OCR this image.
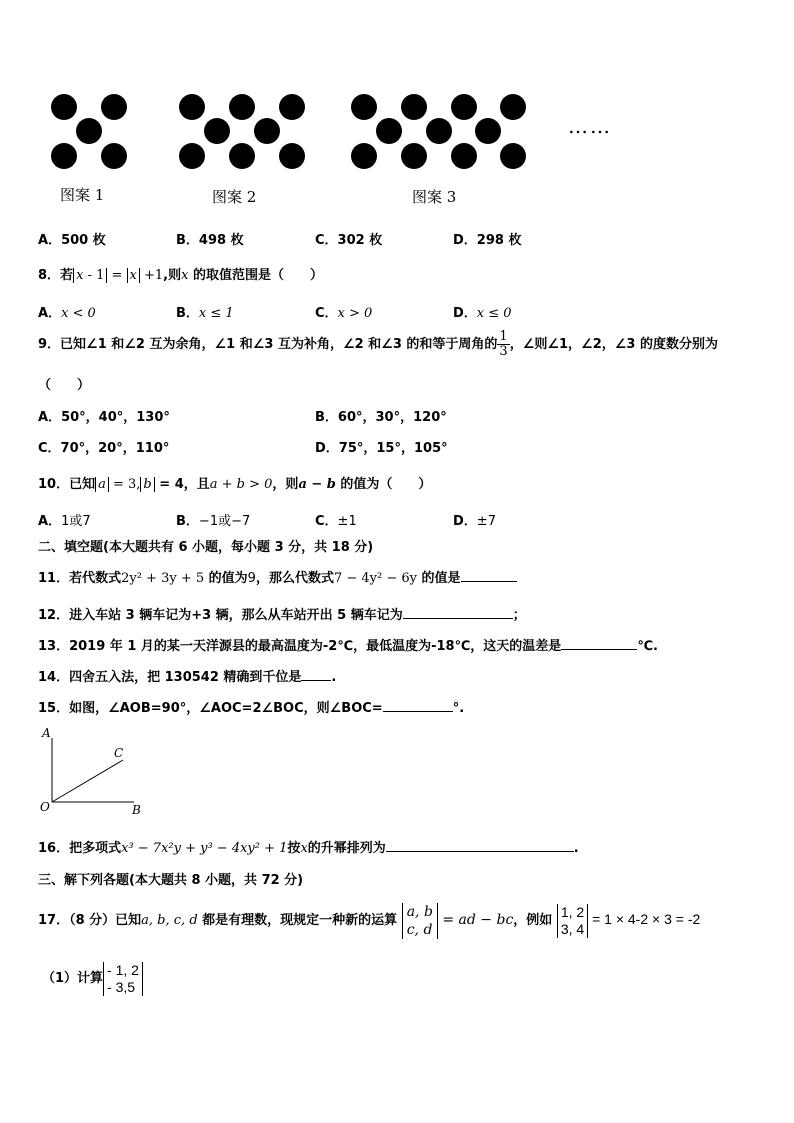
……
图案 1	图案 2	图案 3
A．500 枚	B．498 枚	C．302 枚	D．298 枚
8．若 x - 1 = x +1,则x 的取值范围是（　　）
A．x < 0	B．x ≤ 1	C．x > 0	D．x ≤ 0
9．已知∠1 和∠2 互为余角，∠1 和∠3 互为补角，∠2 和∠3 的和等于周角的 $\frac{1}{3}$ ，∠则∠1，∠2，∠3 的度数分别为
（　　）
A．50°，40°，130°	B．60°，30°，120°
C．70°，20°，110°	D．75°，15°，105°
10．已知 a = 3, b = 4，且a + b > 0，则a − b 的值为（　　）
A．1或7	B．−1或−7	C．±1	D．±7
二、填空题(本大题共有 6 小题，每小题 3 分，共 18 分)
11．若代数式2y² + 3y + 5 的值为9，那么代数式7 − 4y² − 6y 的值是
12．进入车站 3 辆车记为+3 辆，那么从车站开出 5 辆车记为	；
13．2019 年 1 月的某一天洋源县的最高温度为-2℃，最低温度为-18℃，这天的温差是	℃.
14．四舍五入法，把 130542 精确到千位是 .
15．如图，∠AOB=90°，∠AOC=2∠BOC，则∠BOC=	°.
A
C
O	B
16．把多项式x³ − 7x²y + y³ − 4xy² + 1按x的升幂排列为	.
三、解下列各题(本大题共 8 小题，共 72 分)
17．（8 分）已知a, b, c, d 都是有理数，现规定一种新的运算
a, b
c, d
= ad − bc，例如
1, 2
3, 4
= 1 × 4-2 × 3 = -2
（1）计算
- 1, 2
- 3,5
